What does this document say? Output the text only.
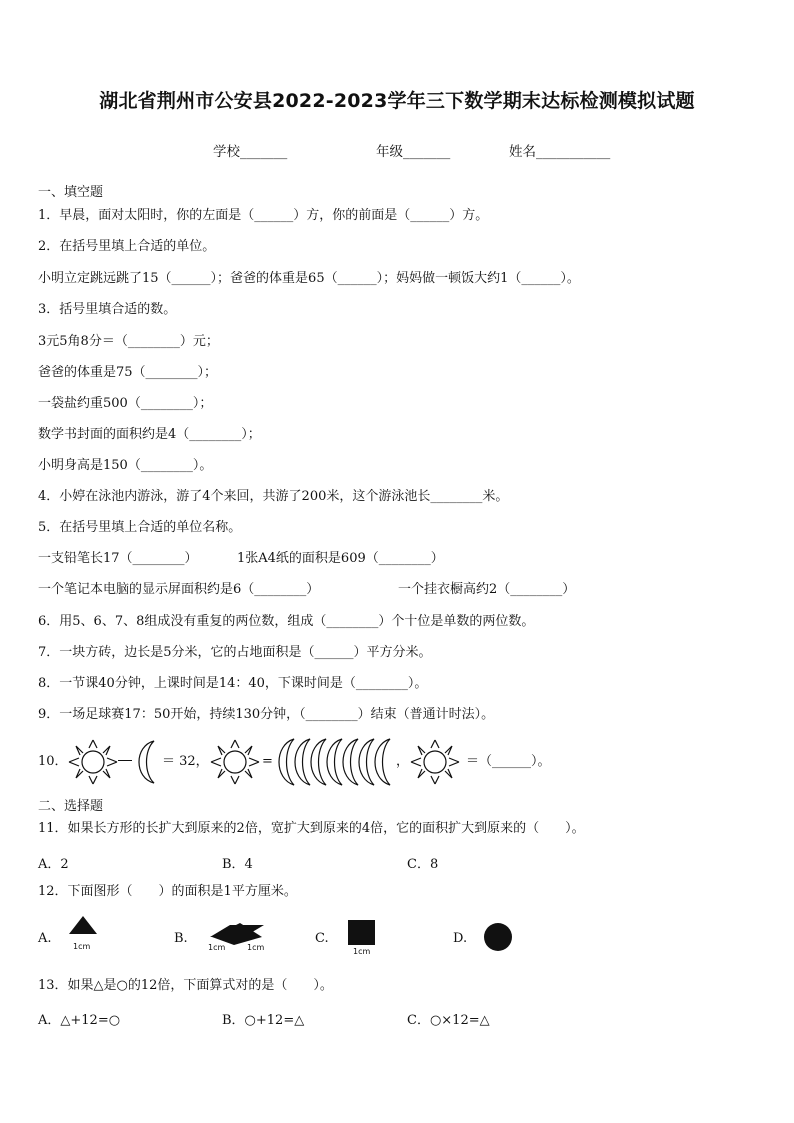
湖北省荆州市公安县2022-2023学年三下数学期末达标检测模拟试题
学校_______	年级_______	姓名___________
一、填空题
1．早晨，面对太阳时，你的左面是（______）方，你的前面是（______）方。
2．在括号里填上合适的单位。
小明立定跳远跳了15（______）；爸爸的体重是65（______）；妈妈做一顿饭大约1（______）。
3．括号里填合适的数。
3元5角8分＝（________）元；
爸爸的体重是75（________）；
一袋盐约重500（________）；
数学书封面的面积约是4（________）；
小明身高是150（________）。
4．小婷在泳池内游泳，游了4个来回，共游了200米，这个游泳池长________米。
5．在括号里填上合适的单位名称。
一支铅笔长17（________）	1张A4纸的面积是609（________）
一个笔记本电脑的显示屏面积约是6（________）	一个挂衣橱高约2（________）
6．用5、6、7、8组成没有重复的两位数，组成（________）个十位是单数的两位数。
7．一块方砖，边长是5分米，它的占地面积是（______）平方分米。
8．一节课40分钟，上课时间是14：40，下课时间是（________）。
9．一场足球赛17：50开始，持续130分钟，（________）结束（普通计时法）。
10．	＝ 32，	=	，	＝（______）。
二、选择题
11．如果长方形的长扩大到原来的2倍，宽扩大到原来的4倍，它的面积扩大到原来的（　　）。
A．2	B．4	C．8
12．下面图形（　　）的面积是1平方厘米。
A.
1cm
B.
1cm	1cm
C.
1cm
D.
13．如果△是○的12倍，下面算式对的是（　　）。
A．△+12=○	B．○+12=△	C．○×12=△
